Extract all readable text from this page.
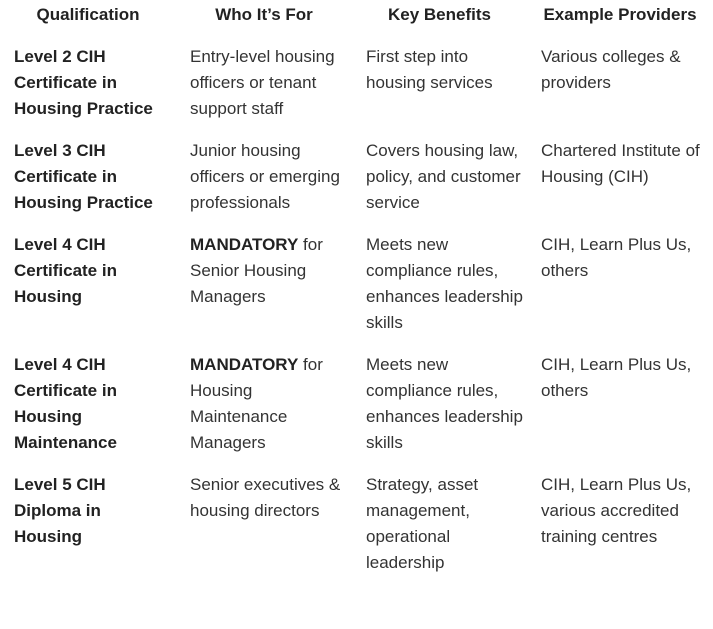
Qualification	Who It’s For	Key Benefits	Example Providers
Level 2 CIH Certificate in Housing Practice	Entry-level housing officers or tenant support staff	First step into housing services	Various colleges & providers
Level 3 CIH Certificate in Housing Practice	Junior housing officers or emerging professionals	Covers housing law, policy, and customer service	Chartered Institute of Housing (CIH)
Level 4 CIH Certificate in Housing	MANDATORY for Senior Housing Managers	Meets new compliance rules, enhances leadership skills	CIH, Learn Plus Us, others
Level 4 CIH Certificate in Housing Maintenance	MANDATORY for Housing Maintenance Managers	Meets new compliance rules, enhances leadership skills	CIH, Learn Plus Us, others
Level 5 CIH Diploma in Housing	Senior executives & housing directors	Strategy, asset management, operational leadership	CIH, Learn Plus Us, various accredited training centres
